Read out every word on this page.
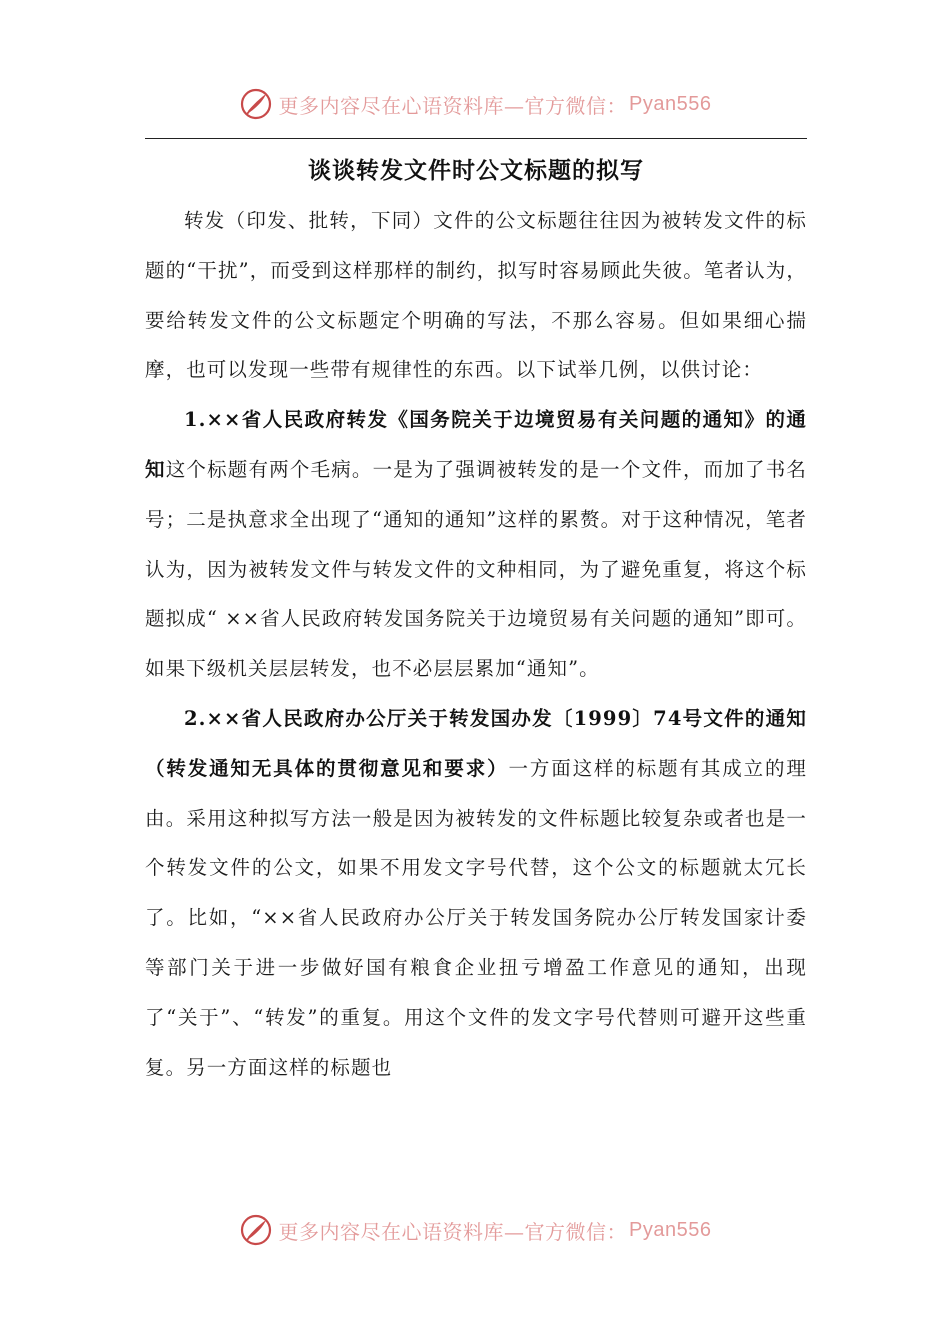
更多内容尽在心语资料库—官方微信： Pyan556
谈谈转发文件时公文标题的拟写

转发（印发、批转，下同）文件的公文标题往往因为被转发文件的标题的“干扰”，而受到这样那样的制约，拟写时容易顾此失彼。笔者认为，要给转发文件的公文标题定个明确的写法，不那么容易。但如果细心揣摩，也可以发现一些带有规律性的东西。以下试举几例，以供讨论：

1.××省人民政府转发《国务院关于边境贸易有关问题的通知》的通知这个标题有两个毛病。一是为了强调被转发的是一个文件，而加了书名号；二是执意求全出现了“通知的通知”这样的累赘。对于这种情况，笔者认为，因为被转发文件与转发文件的文种相同，为了避免重复，将这个标题拟成“ ××省人民政府转发国务院关于边境贸易有关问题的通知”即可。如果下级机关层层转发，也不必层层累加“通知”。

2.××省人民政府办公厅关于转发国办发〔1999〕74号文件的通知（转发通知无具体的贯彻意见和要求）一方面这样的标题有其成立的理由。采用这种拟写方法一般是因为被转发的文件标题比较复杂或者也是一个转发文件的公文，如果不用发文字号代替，这个公文的标题就太冗长了。比如，“××省人民政府办公厅关于转发国务院办公厅转发国家计委等部门关于进一步做好国有粮食企业扭亏增盈工作意见的通知，出现了“关于”、“转发”的重复。用这个文件的发文字号代替则可避开这些重复。另一方面这样的标题也

更多内容尽在心语资料库—官方微信： Pyan556
